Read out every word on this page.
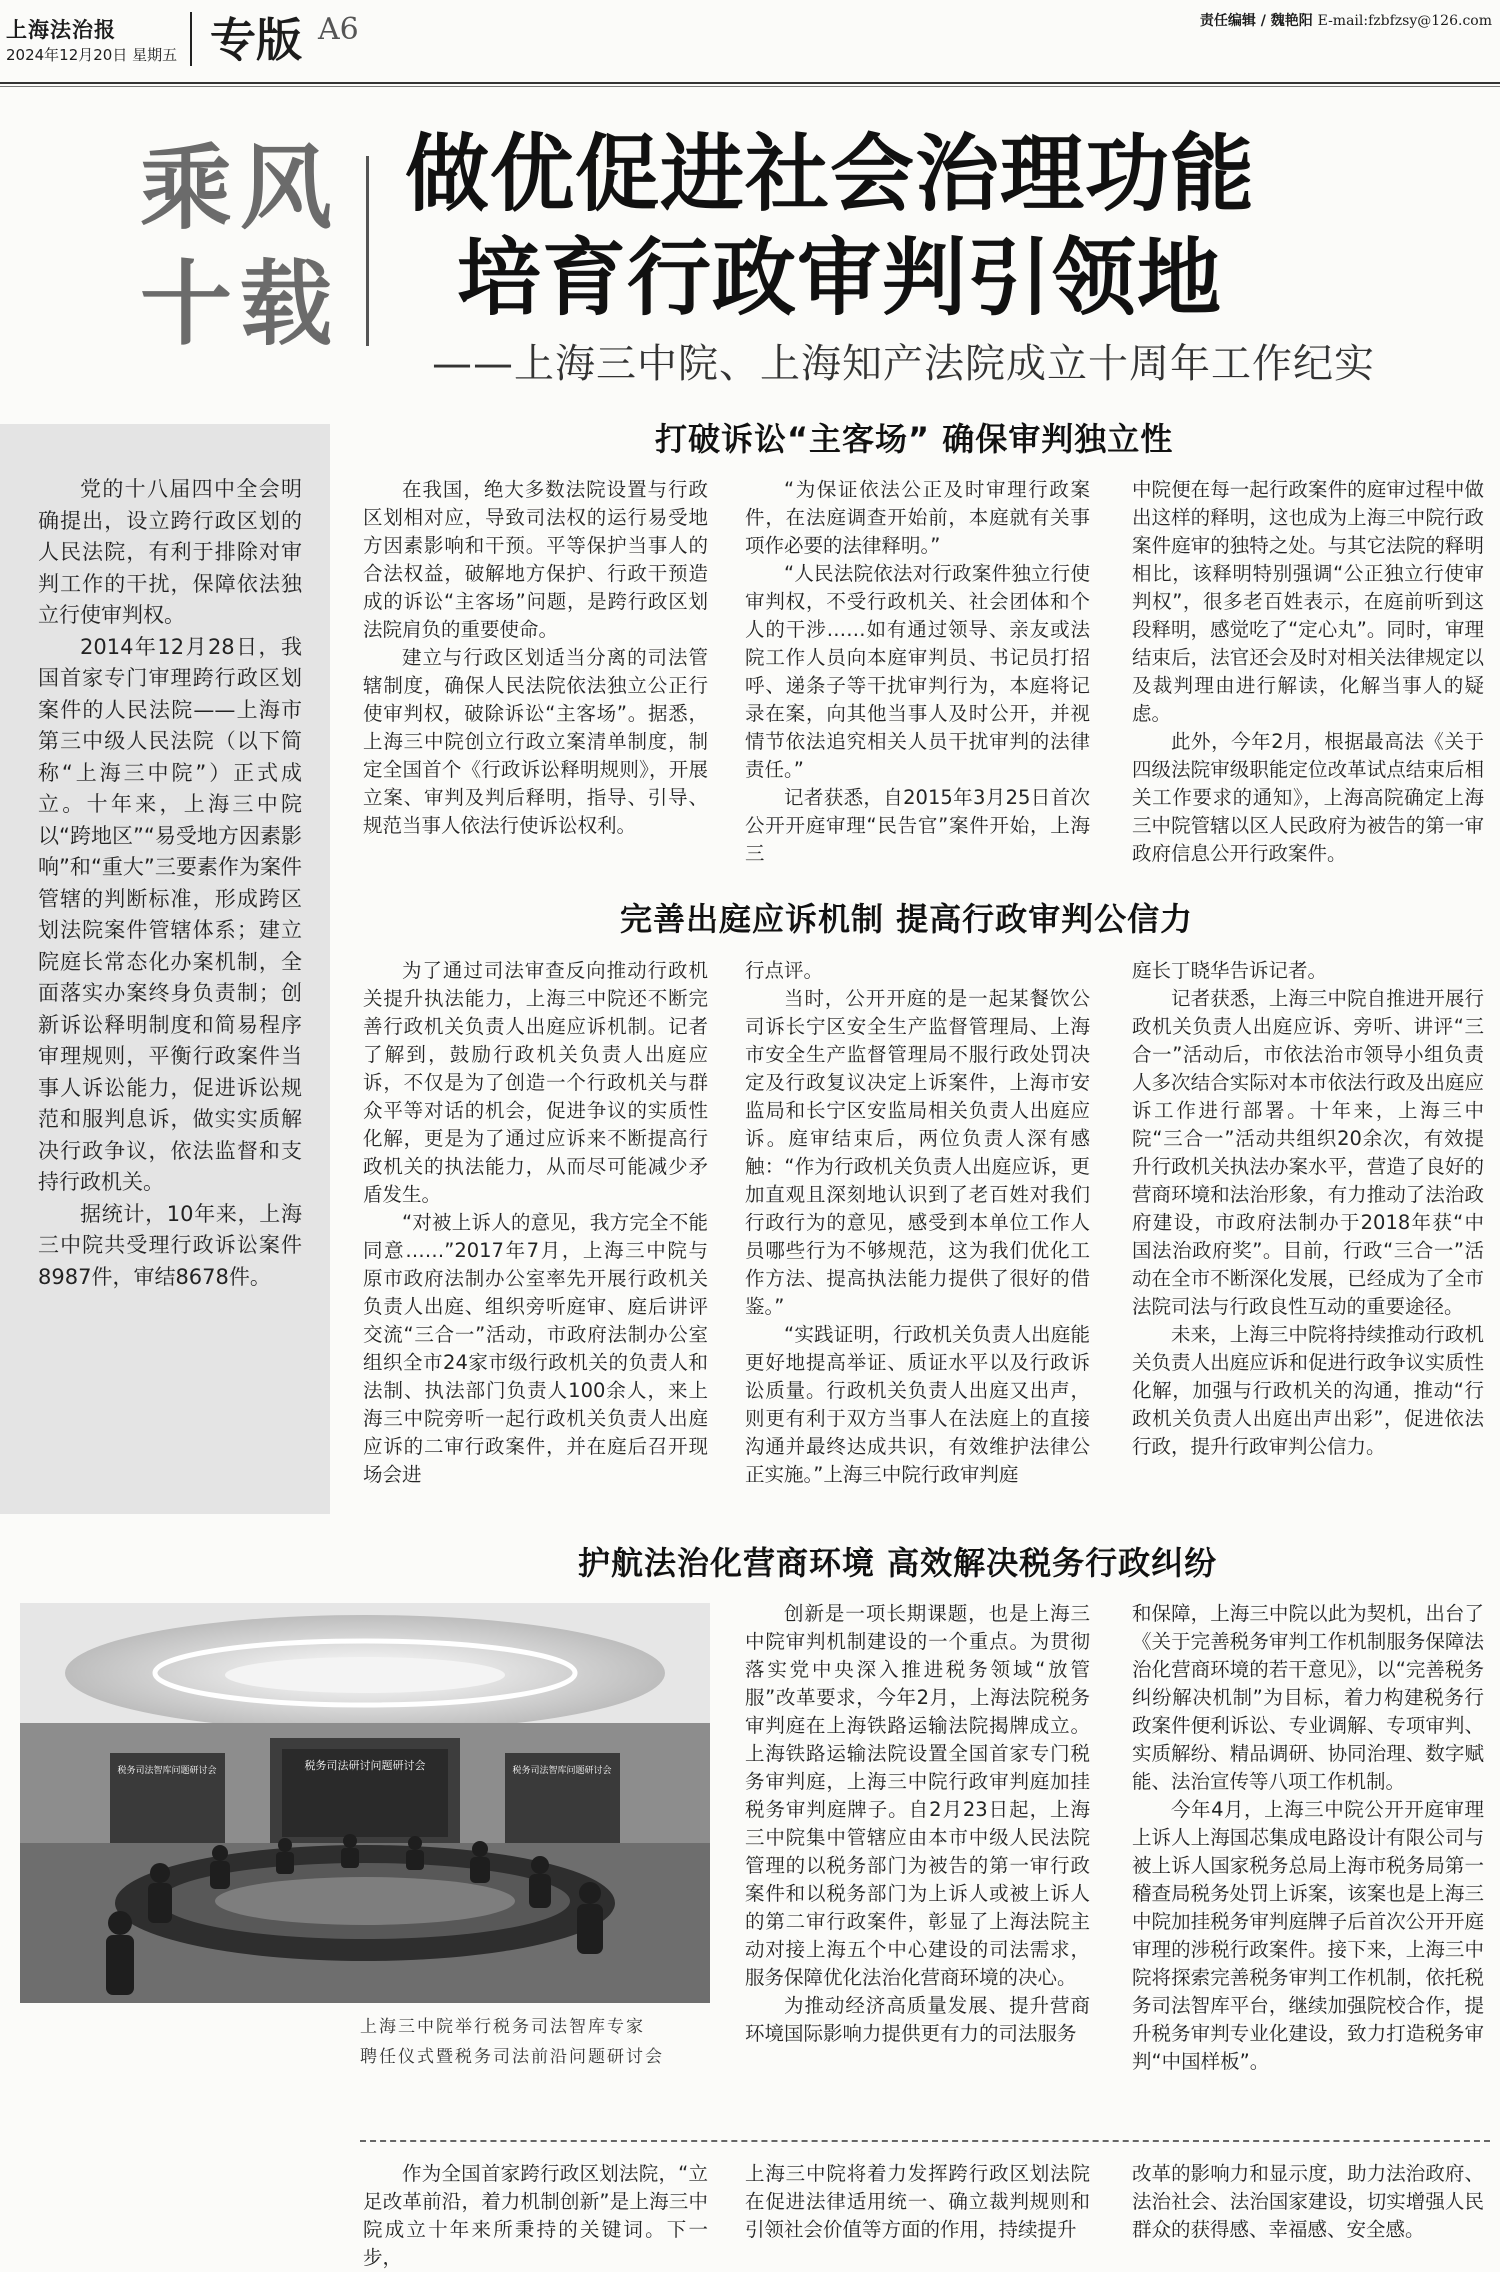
上海法治报
2024年12月20日 星期五 专版 A6	责任编辑 / 魏艳阳 E-mail:fzbfzsy@126.com
乘风
十载
做优促进社会治理功能
培育行政审判引领地
——上海三中院、上海知产法院成立十周年工作纪实

党的十八届四中全会明确提出，设立跨行政区划的人民法院，有利于排除对审判工作的干扰，保障依法独立行使审判权。

2014年12月28日，我国首家专门审理跨行政区划案件的人民法院——上海市第三中级人民法院（以下简称“上海三中院”）正式成立。十年来，上海三中院以“跨地区”“易受地方因素影响”和“重大”三要素作为案件管辖的判断标准，形成跨区划法院案件管辖体系；建立院庭长常态化办案机制，全面落实办案终身负责制；创新诉讼释明制度和简易程序审理规则，平衡行政案件当事人诉讼能力，促进诉讼规范和服判息诉，做实实质解决行政争议，依法监督和支持行政机关。

据统计，10年来，上海三中院共受理行政诉讼案件8987件，审结8678件。

打破诉讼“主客场” 确保审判独立性

在我国，绝大多数法院设置与行政区划相对应，导致司法权的运行易受地方因素影响和干预。平等保护当事人的合法权益，破解地方保护、行政干预造成的诉讼“主客场”问题，是跨行政区划法院肩负的重要使命。

建立与行政区划适当分离的司法管辖制度，确保人民法院依法独立公正行使审判权，破除诉讼“主客场”。据悉，上海三中院创立行政立案清单制度，制定全国首个《行政诉讼释明规则》，开展立案、审判及判后释明，指导、引导、规范当事人依法行使诉讼权利。

“为保证依法公正及时审理行政案件，在法庭调查开始前，本庭就有关事项作必要的法律释明。”

“人民法院依法对行政案件独立行使审判权，不受行政机关、社会团体和个人的干涉……如有通过领导、亲友或法院工作人员向本庭审判员、书记员打招呼、递条子等干扰审判行为，本庭将记录在案，向其他当事人及时公开，并视情节依法追究相关人员干扰审判的法律责任。”

记者获悉，自2015年3月25日首次公开开庭审理“民告官”案件开始，上海三

中院便在每一起行政案件的庭审过程中做出这样的释明，这也成为上海三中院行政案件庭审的独特之处。与其它法院的释明相比，该释明特别强调“公正独立行使审判权”，很多老百姓表示，在庭前听到这段释明，感觉吃了“定心丸”。同时，审理结束后，法官还会及时对相关法律规定以及裁判理由进行解读，化解当事人的疑虑。

此外，今年2月，根据最高法《关于四级法院审级职能定位改革试点结束后相关工作要求的通知》，上海高院确定上海三中院管辖以区人民政府为被告的第一审政府信息公开行政案件。

完善出庭应诉机制 提高行政审判公信力

为了通过司法审查反向推动行政机关提升执法能力，上海三中院还不断完善行政机关负责人出庭应诉机制。记者了解到，鼓励行政机关负责人出庭应诉，不仅是为了创造一个行政机关与群众平等对话的机会，促进争议的实质性化解，更是为了通过应诉来不断提高行政机关的执法能力，从而尽可能减少矛盾发生。

“对被上诉人的意见，我方完全不能同意……”2017年7月，上海三中院与原市政府法制办公室率先开展行政机关负责人出庭、组织旁听庭审、庭后讲评交流“三合一”活动，市政府法制办公室组织全市24家市级行政机关的负责人和法制、执法部门负责人100余人，来上海三中院旁听一起行政机关负责人出庭应诉的二审行政案件，并在庭后召开现场会进

行点评。

当时，公开开庭的是一起某餐饮公司诉长宁区安全生产监督管理局、上海市安全生产监督管理局不服行政处罚决定及行政复议决定上诉案件，上海市安监局和长宁区安监局相关负责人出庭应诉。庭审结束后，两位负责人深有感触：“作为行政机关负责人出庭应诉，更加直观且深刻地认识到了老百姓对我们行政行为的意见，感受到本单位工作人员哪些行为不够规范，这为我们优化工作方法、提高执法能力提供了很好的借鉴。”

“实践证明，行政机关负责人出庭能更好地提高举证、质证水平以及行政诉讼质量。行政机关负责人出庭又出声，则更有利于双方当事人在法庭上的直接沟通并最终达成共识，有效维护法律公正实施。”上海三中院行政审判庭

庭长丁晓华告诉记者。

记者获悉，上海三中院自推进开展行政机关负责人出庭应诉、旁听、讲评“三合一”活动后，市依法治市领导小组负责人多次结合实际对本市依法行政及出庭应诉工作进行部署。十年来，上海三中院“三合一”活动共组织20余次，有效提升行政机关执法办案水平，营造了良好的营商环境和法治形象，有力推动了法治政府建设，市政府法制办于2018年获“中国法治政府奖”。目前，行政“三合一”活动在全市不断深化发展，已经成为了全市法院司法与行政良性互动的重要途径。

未来，上海三中院将持续推动行政机关负责人出庭应诉和促进行政争议实质性化解，加强与行政机关的沟通，推动“行政机关负责人出庭出声出彩”，促进依法行政，提升行政审判公信力。

护航法治化营商环境 高效解决税务行政纠纷
税务司法研讨问题研讨会
税务司法智库问题研讨会	税务司法智库问题研讨会
上海三中院举行税务司法智库专家
聘任仪式暨税务司法前沿问题研讨会

创新是一项长期课题，也是上海三中院审判机制建设的一个重点。为贯彻落实党中央深入推进税务领域“放管服”改革要求，今年2月，上海法院税务审判庭在上海铁路运输法院揭牌成立。上海铁路运输法院设置全国首家专门税务审判庭，上海三中院行政审判庭加挂税务审判庭牌子。自2月23日起，上海三中院集中管辖应由本市中级人民法院管理的以税务部门为被告的第一审行政案件和以税务部门为上诉人或被上诉人的第二审行政案件，彰显了上海法院主动对接上海五个中心建设的司法需求，服务保障优化法治化营商环境的决心。

为推动经济高质量发展、提升营商环境国际影响力提供更有力的司法服务

和保障，上海三中院以此为契机，出台了《关于完善税务审判工作机制服务保障法治化营商环境的若干意见》，以“完善税务纠纷解决机制”为目标，着力构建税务行政案件便利诉讼、专业调解、专项审判、实质解纷、精品调研、协同治理、数字赋能、法治宣传等八项工作机制。

今年4月，上海三中院公开开庭审理上诉人上海国芯集成电路设计有限公司与被上诉人国家税务总局上海市税务局第一稽查局税务处罚上诉案，该案也是上海三中院加挂税务审判庭牌子后首次公开开庭审理的涉税行政案件。接下来，上海三中院将探索完善税务审判工作机制，依托税务司法智库平台，继续加强院校合作，提升税务审判专业化建设，致力打造税务审判“中国样板”。

作为全国首家跨行政区划法院，“立足改革前沿，着力机制创新”是上海三中院成立十年来所秉持的关键词。下一步，

上海三中院将着力发挥跨行政区划法院在促进法律适用统一、确立裁判规则和引领社会价值等方面的作用，持续提升

改革的影响力和显示度，助力法治政府、法治社会、法治国家建设，切实增强人民群众的获得感、幸福感、安全感。
